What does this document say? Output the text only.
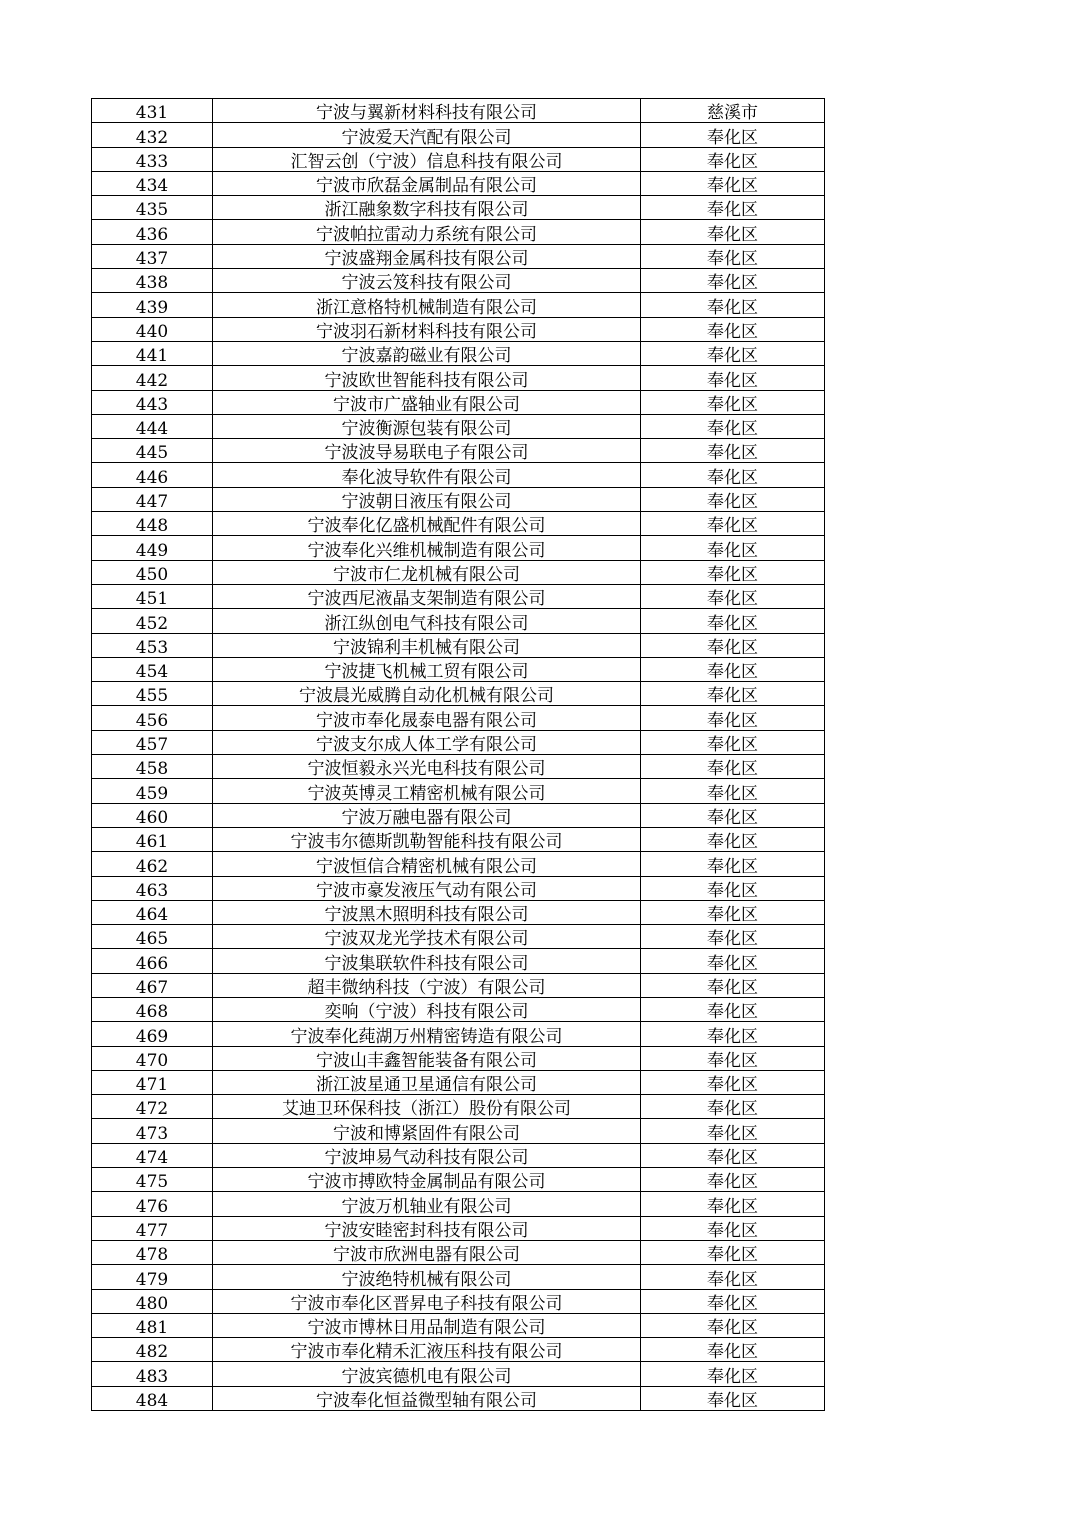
431	宁波与翼新材料科技有限公司	慈溪市
432	宁波爱天汽配有限公司	奉化区
433	汇智云创（宁波）信息科技有限公司	奉化区
434	宁波市欣磊金属制品有限公司	奉化区
435	浙江融象数字科技有限公司	奉化区
436	宁波帕拉雷动力系统有限公司	奉化区
437	宁波盛翔金属科技有限公司	奉化区
438	宁波云笈科技有限公司	奉化区
439	浙江意格特机械制造有限公司	奉化区
440	宁波羽石新材料科技有限公司	奉化区
441	宁波嘉韵磁业有限公司	奉化区
442	宁波欧世智能科技有限公司	奉化区
443	宁波市广盛轴业有限公司	奉化区
444	宁波衡源包装有限公司	奉化区
445	宁波波导易联电子有限公司	奉化区
446	奉化波导软件有限公司	奉化区
447	宁波朝日液压有限公司	奉化区
448	宁波奉化亿盛机械配件有限公司	奉化区
449	宁波奉化兴维机械制造有限公司	奉化区
450	宁波市仁龙机械有限公司	奉化区
451	宁波西尼液晶支架制造有限公司	奉化区
452	浙江纵创电气科技有限公司	奉化区
453	宁波锦利丰机械有限公司	奉化区
454	宁波捷飞机械工贸有限公司	奉化区
455	宁波晨光威腾自动化机械有限公司	奉化区
456	宁波市奉化晟泰电器有限公司	奉化区
457	宁波支尔成人体工学有限公司	奉化区
458	宁波恒毅永兴光电科技有限公司	奉化区
459	宁波英博灵工精密机械有限公司	奉化区
460	宁波万融电器有限公司	奉化区
461	宁波韦尔德斯凯勒智能科技有限公司	奉化区
462	宁波恒信合精密机械有限公司	奉化区
463	宁波市豪发液压气动有限公司	奉化区
464	宁波黑木照明科技有限公司	奉化区
465	宁波双龙光学技术有限公司	奉化区
466	宁波集联软件科技有限公司	奉化区
467	超丰微纳科技（宁波）有限公司	奉化区
468	奕响（宁波）科技有限公司	奉化区
469	宁波奉化莼湖万州精密铸造有限公司	奉化区
470	宁波山丰鑫智能装备有限公司	奉化区
471	浙江波星通卫星通信有限公司	奉化区
472	艾迪卫环保科技（浙江）股份有限公司	奉化区
473	宁波和博紧固件有限公司	奉化区
474	宁波坤易气动科技有限公司	奉化区
475	宁波市搏欧特金属制品有限公司	奉化区
476	宁波万机轴业有限公司	奉化区
477	宁波安睦密封科技有限公司	奉化区
478	宁波市欣洲电器有限公司	奉化区
479	宁波绝特机械有限公司	奉化区
480	宁波市奉化区晋昇电子科技有限公司	奉化区
481	宁波市博林日用品制造有限公司	奉化区
482	宁波市奉化精禾汇液压科技有限公司	奉化区
483	宁波宾德机电有限公司	奉化区
484	宁波奉化恒益微型轴有限公司	奉化区
